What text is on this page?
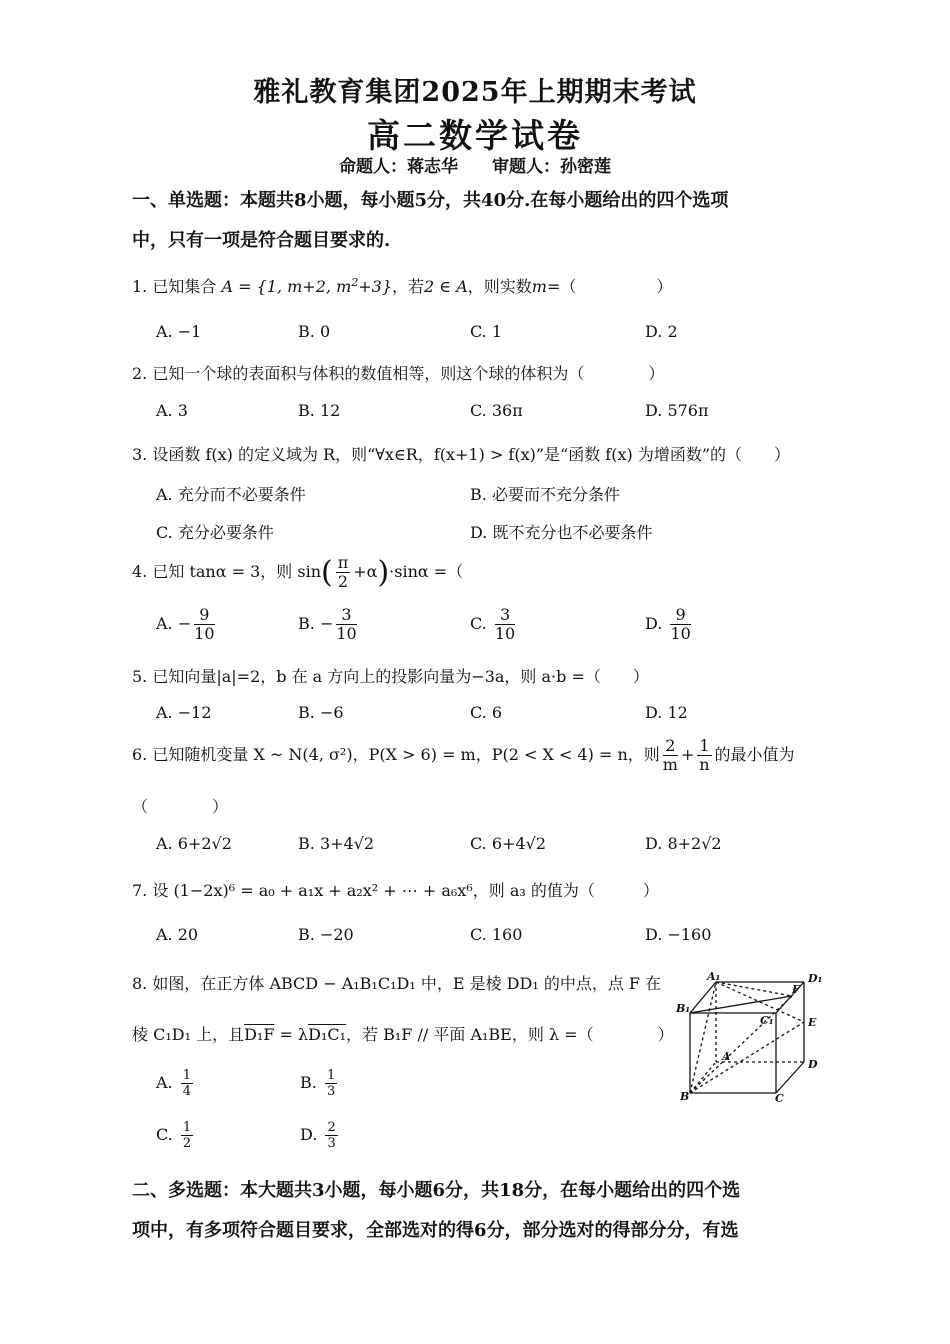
雅礼教育集团2025年上期期末考试
高二数学试卷
命题人：蒋志华　　审题人：孙密莲
一、单选题：本题共8小题，每小题5分，共40分.在每小题给出的四个选项
中，只有一项是符合题目要求的.
1. 已知集合 A = {1, m+2, $m^2+3$}，若2 ∈ A，则实数m=（　　　　　）
A. −1	B. 0	C. 1	D. 2
2. 已知一个球的表面积与体积的数值相等，则这个球的体积为（　　　　）
A. 3	B. 12	C. 36π	D. 576π
3. 设函数 f(x) 的定义域为 R，则“∀x∈R，f(x+1) > f(x)”是“函数 f(x) 为增函数”的（　　）
A. 充分而不必要条件	B. 必要而不充分条件
C. 充分必要条件	D. 既不充分也不必要条件
4. 已知 tanα = 3，则 $\sin( \frac{\pi}{2} +\alpha)\cdot\sin\alpha$ =（
A. − $\frac{9}{10}$	B. − $\frac{3}{10}$	C. $\frac{3}{10}$	D. $\frac{9}{10}$
5. 已知向量|a|=2，b 在 a 方向上的投影向量为−3a，则 a·b =（　　）
A. −12	B. −6	C. 6	D. 12
6. 已知随机变量 X ~ N(4, σ²)，P(X > 6) = m，P(2 < X < 4) = n，则 $\frac{2}{m} + \frac{1}{n}$ 的最小值为
（　　　　）
A. 6+2√2	B. 3+4√2	C. 6+4√2	D. 8+2√2
7. 设 (1−2x)⁶ = a₀ + a₁x + a₂x² + ⋯ + a₆x⁶，则 a₃ 的值为（　　　）
A. 20	B. −20	C. 160	D. −160
8. 如图，在正方体 ABCD − A₁B₁C₁D₁ 中，E 是棱 DD₁ 的中点，点 F 在
棱 C₁D₁ 上，且D₁F = λD₁C₁，若 B₁F // 平面 A₁BE，则 λ =（　　　　）
A. $\frac{1}{4}$	B. $\frac{1}{3}$
C. $\frac{1}{2}$	D. $\frac{2}{3}$
A₁	D₁
B₁
C₁
F
E
A
D
B	C
二、多选题：本大题共3小题，每小题6分，共18分，在每小题给出的四个选
项中，有多项符合题目要求，全部选对的得6分，部分选对的得部分分，有选
